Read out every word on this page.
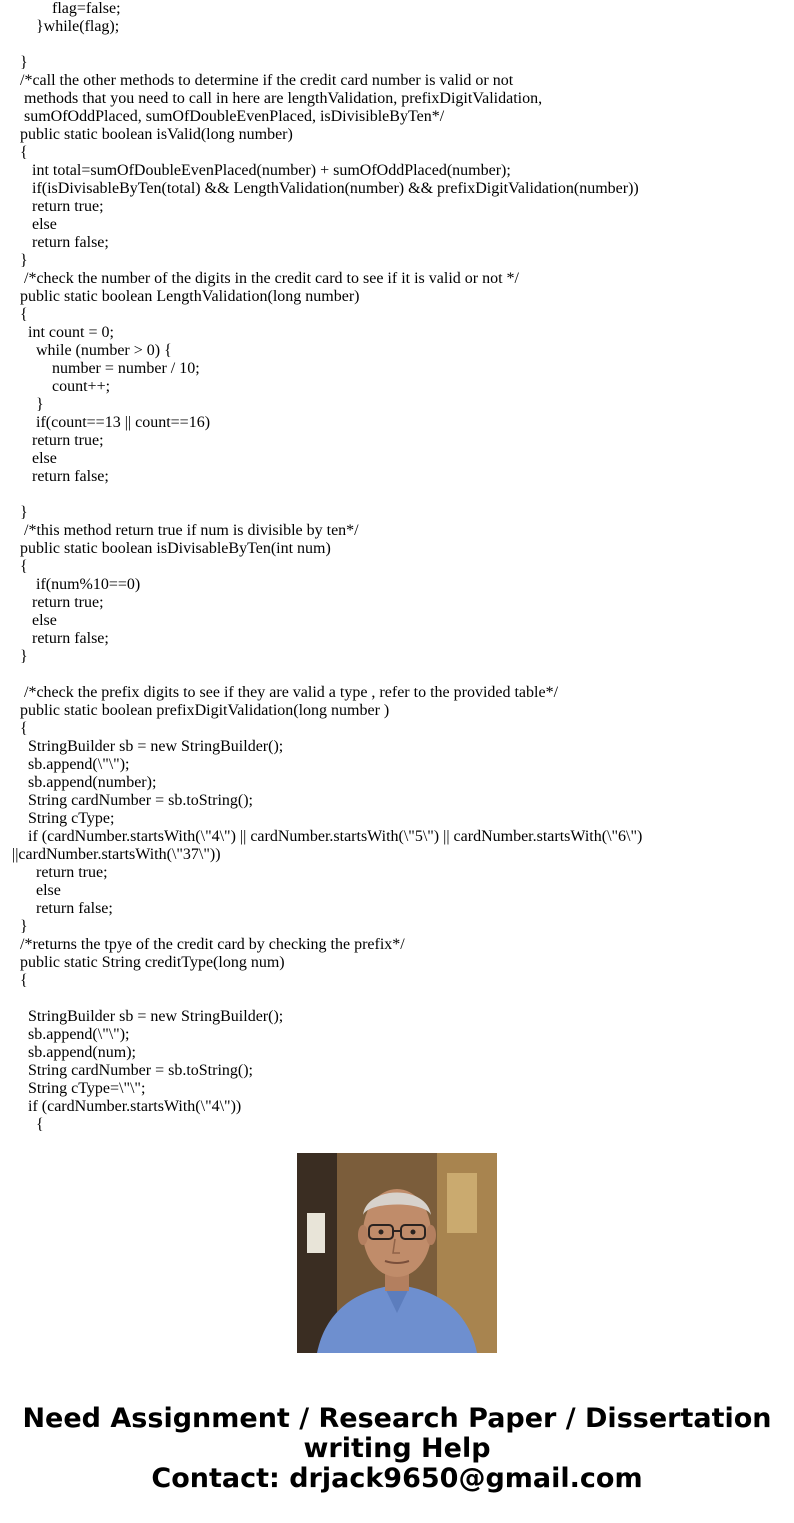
flag=false;
}while(flag);
}
/*call the other methods to determine if the credit card number is valid or not
methods that you need to call in here are lengthValidation, prefixDigitValidation,
sumOfOddPlaced, sumOfDoubleEvenPlaced, isDivisibleByTen*/
public static boolean isValid(long number)
{
int total=sumOfDoubleEvenPlaced(number) + sumOfOddPlaced(number);
if(isDivisableByTen(total) && LengthValidation(number) && prefixDigitValidation(number))
return true;
else
return false;
}
/*check the number of the digits in the credit card to see if it is valid or not */
public static boolean LengthValidation(long number)
{
int count = 0;
while (number > 0) {
number = number / 10;
count++;
}
if(count==13 || count==16)
return true;
else
return false;
}
/*this method return true if num is divisible by ten*/
public static boolean isDivisableByTen(int num)
{
if(num%10==0)
return true;
else
return false;
}
/*check the prefix digits to see if they are valid a type , refer to the provided table*/
public static boolean prefixDigitValidation(long number )
{
StringBuilder sb = new StringBuilder();
sb.append(\"\");
sb.append(number);
String cardNumber = sb.toString();
String cType;
if (cardNumber.startsWith(\"4\") || cardNumber.startsWith(\"5\") || cardNumber.startsWith(\"6\")
||cardNumber.startsWith(\"37\"))
return true;
else
return false;
}
/*returns the tpye of the credit card by checking the prefix*/
public static String creditType(long num)
{
StringBuilder sb = new StringBuilder();
sb.append(\"\");
sb.append(num);
String cardNumber = sb.toString();
String cType=\"\";
if (cardNumber.startsWith(\"4\"))
{
Need Assignment / Research Paper / Dissertation
writing Help
Contact: drjack9650@gmail.com
